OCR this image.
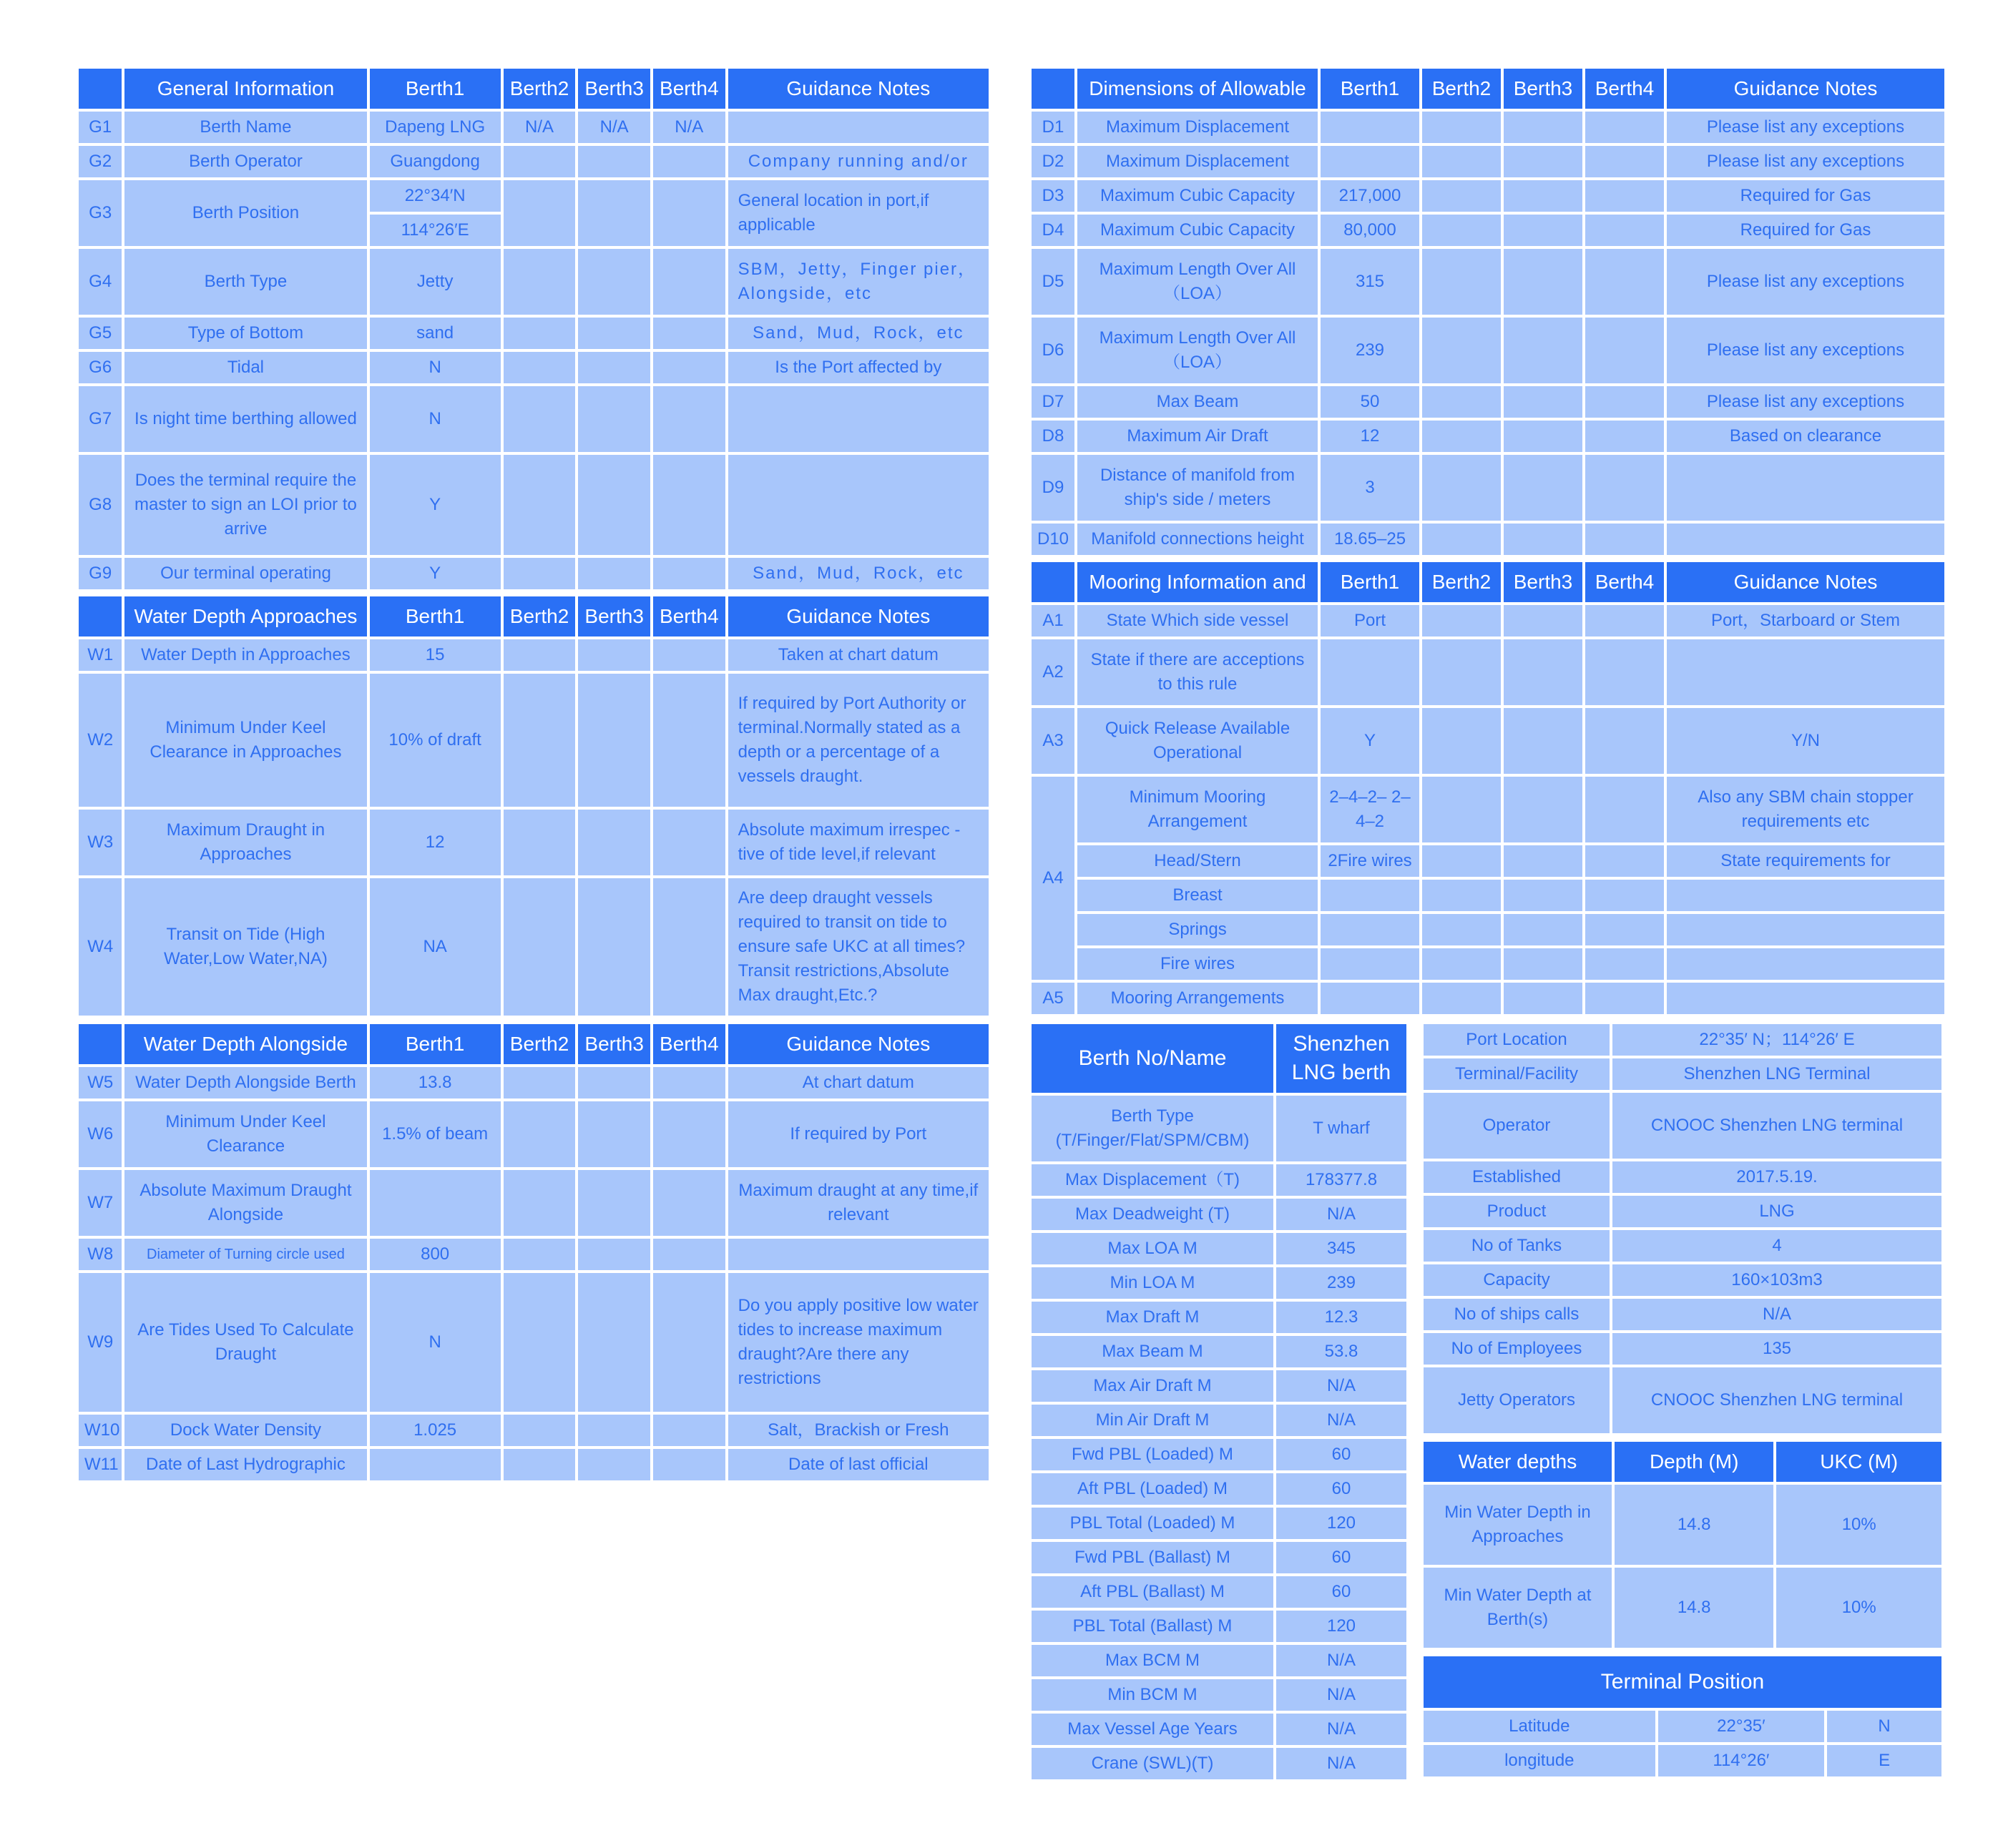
	General Information	Berth1	Berth2	Berth3	Berth4	Guidance Notes
G1	Berth Name	Dapeng LNG	N/A	N/A	N/A	
G2	Berth Operator	Guangdong				Company running and/or
G3	Berth Position	22°34′N				General location in port,if applicable
		114°26′E				
G4	Berth Type	Jetty				SBM，Jetty，Finger pier，Alongside，etc
G5	Type of Bottom	sand				Sand，Mud，Rock，etc
G6	Tidal	N				Is the Port affected by
G7	Is night time berthing allowed	N				
G8	Does the terminal require the master to sign an LOI prior to arrive	Y				
G9	Our terminal operating	Y				Sand，Mud，Rock，etc
	Water Depth Approaches	Berth1	Berth2	Berth3	Berth4	Guidance Notes
W1	Water Depth in Approaches	15				Taken at chart datum
W2	Minimum Under Keel Clearance in Approaches	10% of draft				If required by Port Authority or terminal.Normally stated as a depth or a percentage of a vessels draught.
W3	Maximum Draught in Approaches	12				Absolute maximum irrespec -tive of tide level,if relevant
W4	Transit on Tide (High Water,Low Water,NA)	NA				Are deep draught vessels required to transit on tide to ensure safe UKC at all times? Transit restrictions,Absolute Max draught,Etc.?
	Water Depth Alongside	Berth1	Berth2	Berth3	Berth4	Guidance Notes
W5	Water Depth Alongside Berth	13.8				At chart datum
W6	Minimum Under Keel Clearance	1.5% of beam				If required by Port
W7	Absolute Maximum Draught Alongside					Maximum draught at any time,if relevant
W8	Diameter of Turning circle used	800				
W9	Are Tides Used To Calculate Draught	N				Do you apply positive low water tides to increase maximum draught?Are there any restrictions
W10	Dock Water Density	1.025				Salt，Brackish or Fresh
W11	Date of Last Hydrographic					Date of last official
	Dimensions of Allowable	Berth1	Berth2	Berth3	Berth4	Guidance Notes
D1	Maximum Displacement					Please list any exceptions
D2	Maximum Displacement					Please list any exceptions
D3	Maximum Cubic Capacity	217,000				Required for Gas
D4	Maximum Cubic Capacity	80,000				Required for Gas
D5	Maximum Length Over All（LOA）	315				Please list any exceptions
D6	Maximum Length Over All（LOA）	239				Please list any exceptions
D7	Max Beam	50				Please list any exceptions
D8	Maximum Air Draft	12				Based on clearance
D9	Distance of manifold from ship's side / meters	3				
D10	Manifold connections height	18.65–25				
	Mooring Information and	Berth1	Berth2	Berth3	Berth4	Guidance Notes
A1	State Which side vessel	Port				Port，Starboard or Stem
A2	State if there are acceptions to this rule					
A3	Quick Release Available Operational	Y				Y/N
A4	Minimum Mooring Arrangement	2–4–2– 2–4–2				Also any SBM chain stopper requirements etc
	Head/Stern	2Fire wires				State requirements for
	Breast					
	Springs					
	Fire wires					
A5	Mooring Arrangements					
Berth No/Name	Shenzhen LNG berth
Berth Type (T/Finger/Flat/SPM/CBM)	T wharf
Max Displacement（T)	178377.8
Max Deadweight (T)	N/A
Max LOA M	345
Min LOA M	239
Max Draft M	12.3
Max Beam M	53.8
Max Air Draft M	N/A
Min Air Draft M	N/A
Fwd PBL (Loaded) M	60
Aft PBL (Loaded) M	60
PBL Total (Loaded) M	120
Fwd PBL (Ballast) M	60
Aft PBL (Ballast) M	60
PBL Total (Ballast) M	120
Max BCM M	N/A
Min BCM M	N/A
Max Vessel Age Years	N/A
Crane (SWL)(T)	N/A
Port Location	22°35′ N；114°26′ E
Terminal/Facility	Shenzhen LNG Terminal
Operator	CNOOC Shenzhen LNG terminal
Established	2017.5.19.
Product	LNG
No of Tanks	4
Capacity	160×103m3
No of ships calls	N/A
No of Employees	135
Jetty Operators	CNOOC Shenzhen LNG terminal
Water depths	Depth (M)	UKC (M)
Min Water Depth in Approaches	14.8	10%
Min Water Depth at Berth(s)	14.8	10%
Terminal Position		
Latitude	22°35′	N
longitude	114°26′	E
